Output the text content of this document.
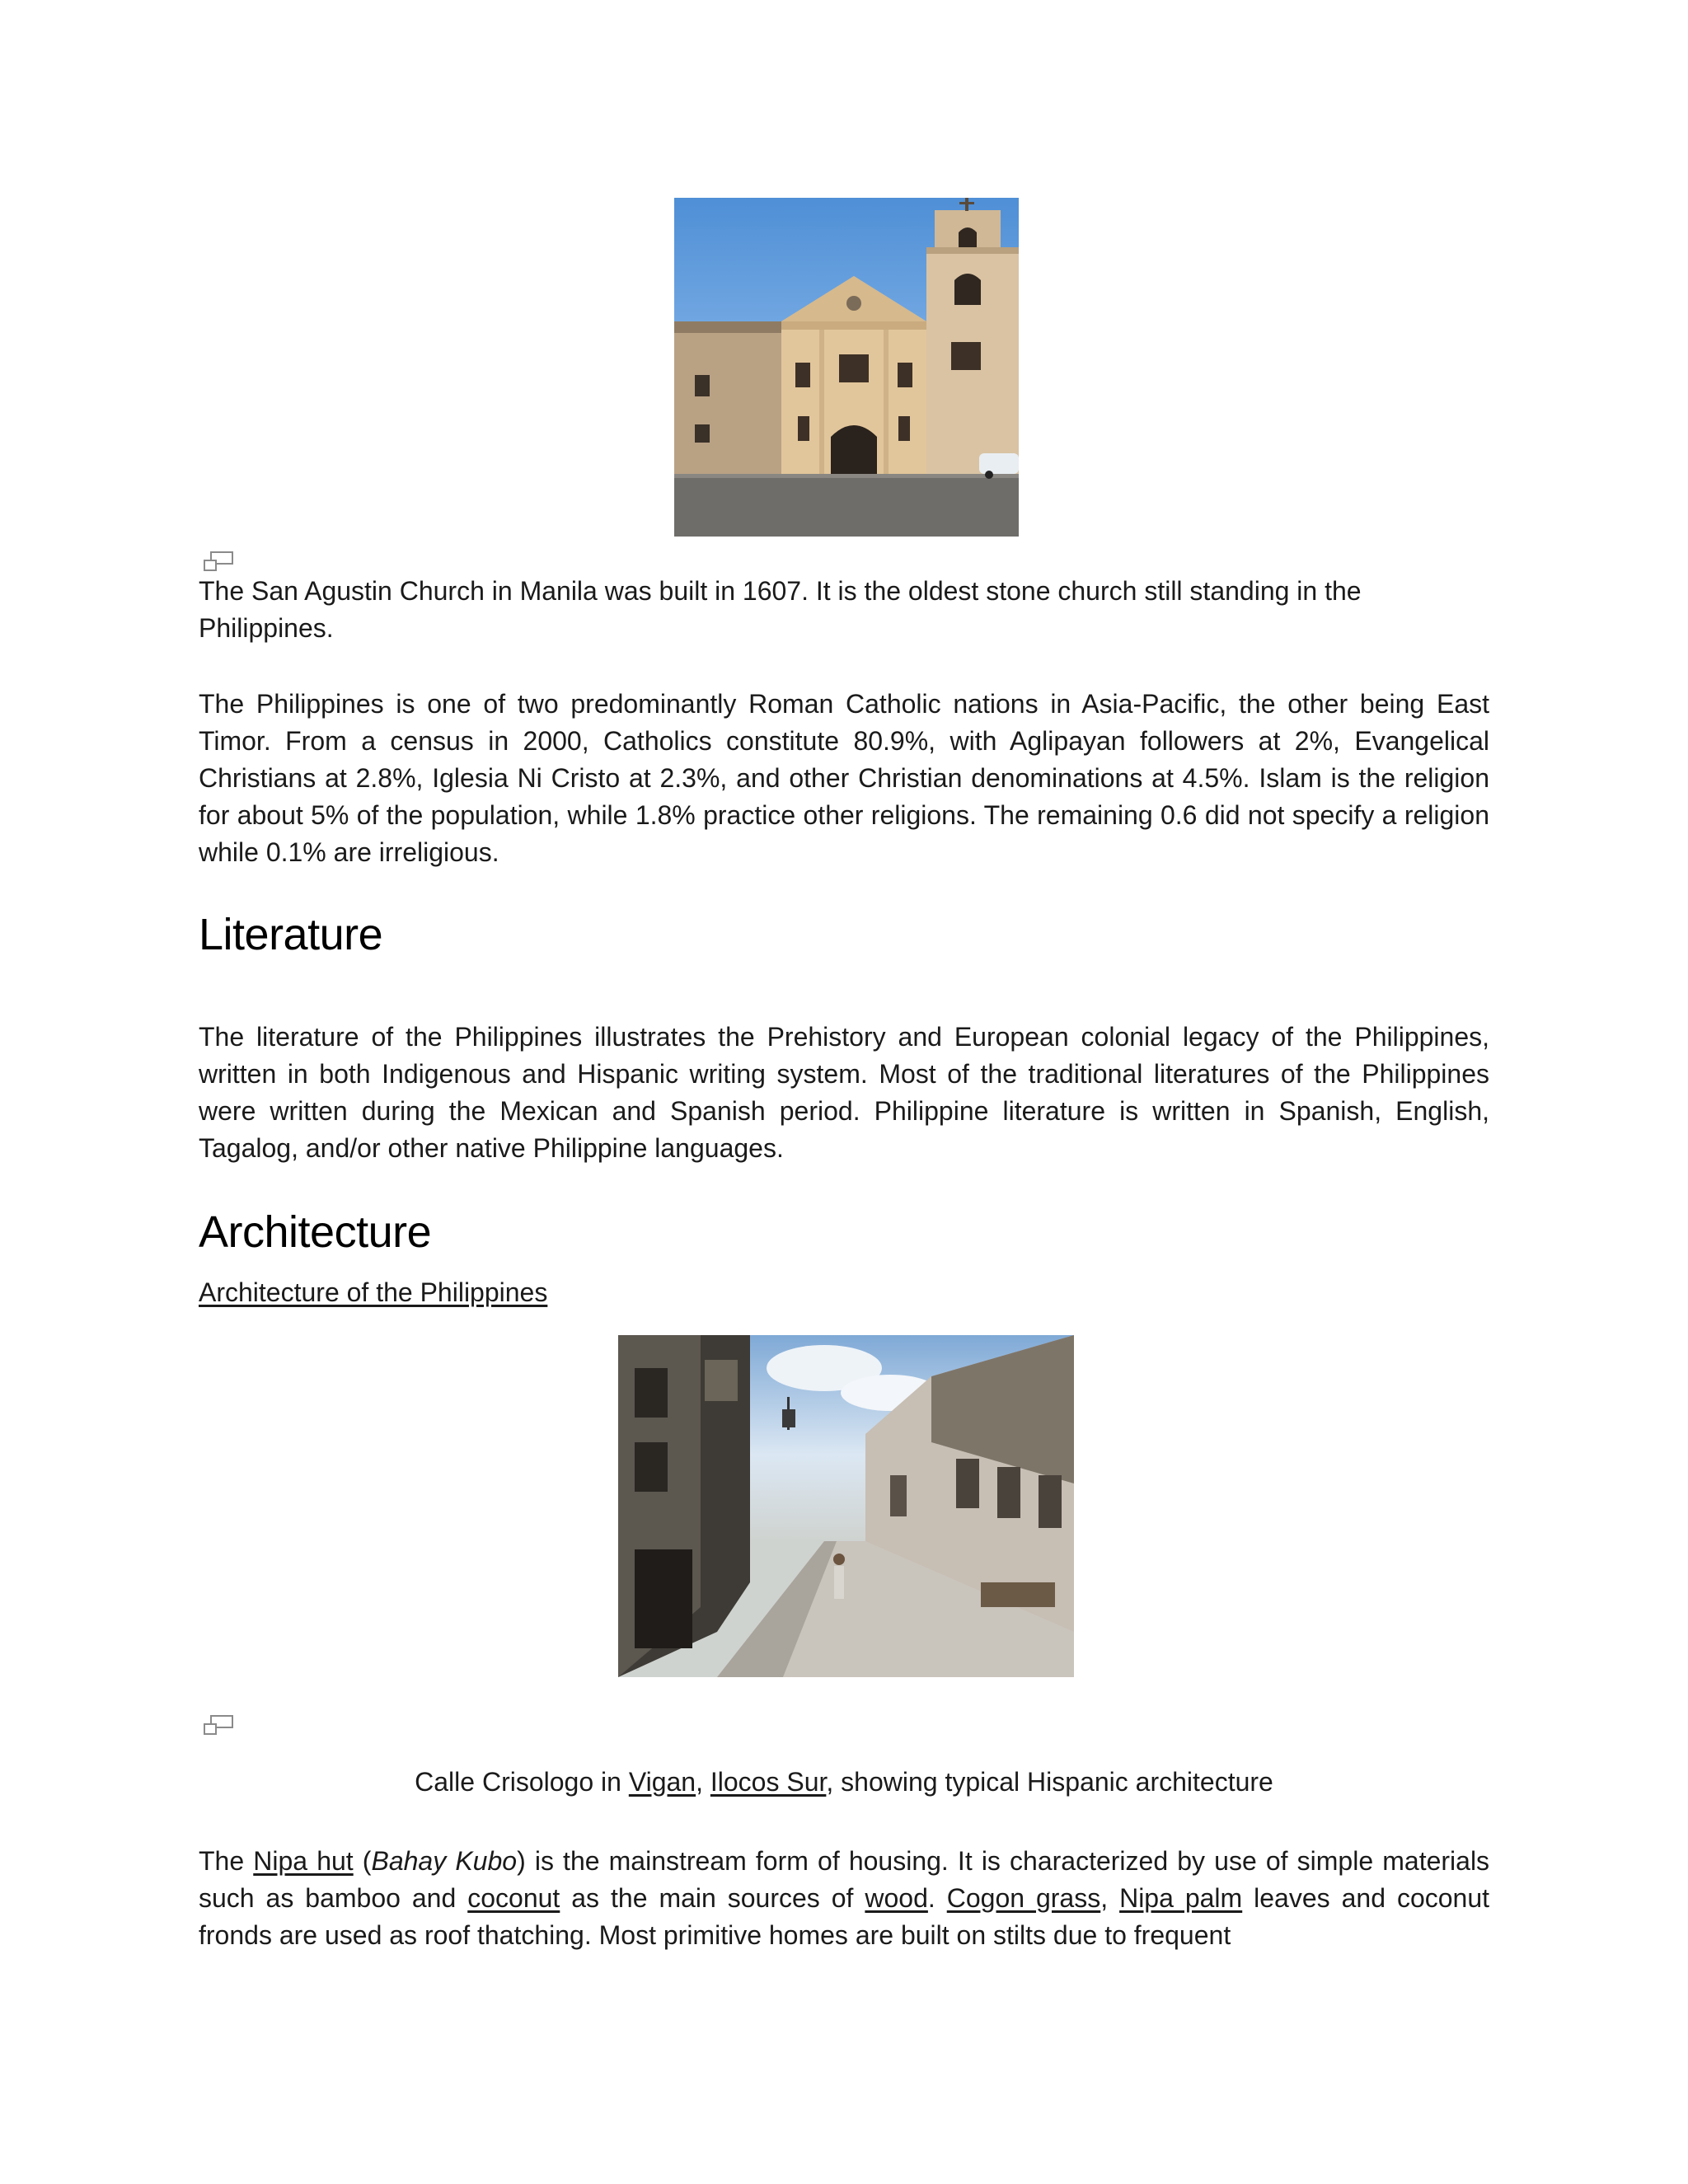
The San Agustin Church in Manila was built in 1607. It is the oldest stone church still standing in the Philippines.

The Philippines is one of two predominantly Roman Catholic nations in Asia-Pacific, the other being East Timor. From a census in 2000, Catholics constitute 80.9%, with Aglipayan followers at 2%, Evangelical Christians at 2.8%, Iglesia Ni Cristo at 2.3%, and other Christian denominations at 4.5%. Islam is the religion for about 5% of the population, while 1.8% practice other religions. The remaining 0.6 did not specify a religion while 0.1% are irreligious.

Literature

The literature of the Philippines illustrates the Prehistory and European colonial legacy of the Philippines, written in both Indigenous and Hispanic writing system. Most of the traditional literatures of the Philippines were written during the Mexican and Spanish period. Philippine literature is written in Spanish, English, Tagalog, and/or other native Philippine languages.

Architecture
Architecture of the Philippines

Calle Crisologo in Vigan, Ilocos Sur, showing typical Hispanic architecture

The Nipa hut (Bahay Kubo) is the mainstream form of housing. It is characterized by use of simple materials such as bamboo and coconut as the main sources of wood. Cogon grass, Nipa palm leaves and coconut fronds are used as roof thatching. Most primitive homes are built on stilts due to frequent
